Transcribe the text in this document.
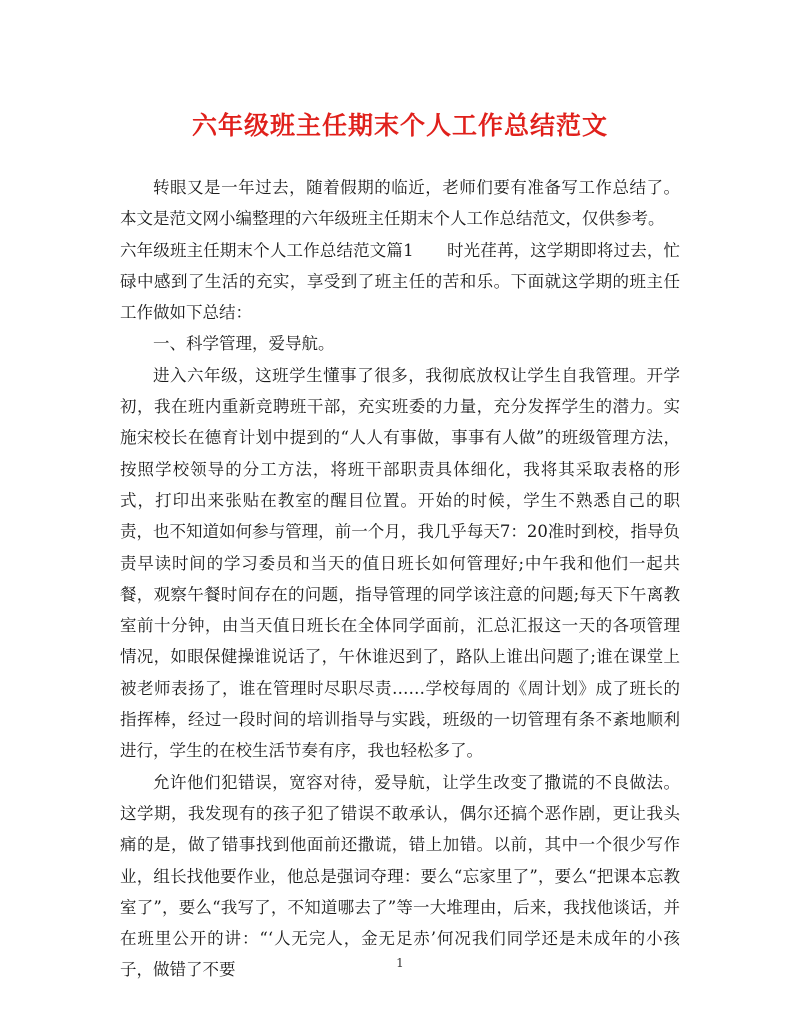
六年级班主任期末个人工作总结范文

转眼又是一年过去，随着假期的临近，老师们要有准备写工作总结了。本文是范文网小编整理的六年级班主任期末个人工作总结范文，仅供参考。

六年级班主任期末个人工作总结范文篇1　　时光荏苒，这学期即将过去，忙碌中感到了生活的充实，享受到了班主任的苦和乐。下面就这学期的班主任工作做如下总结：

一、科学管理，爱导航。

进入六年级，这班学生懂事了很多，我彻底放权让学生自我管理。开学初，我在班内重新竞聘班干部，充实班委的力量，充分发挥学生的潜力。实施宋校长在德育计划中提到的“人人有事做，事事有人做”的班级管理方法，按照学校领导的分工方法，将班干部职责具体细化，我将其采取表格的形式，打印出来张贴在教室的醒目位置。开始的时候，学生不熟悉自己的职责，也不知道如何参与管理，前一个月，我几乎每天7：20准时到校，指导负责早读时间的学习委员和当天的值日班长如何管理好;中午我和他们一起共餐，观察午餐时间存在的问题，指导管理的同学该注意的问题;每天下午离教室前十分钟，由当天值日班长在全体同学面前，汇总汇报这一天的各项管理情况，如眼保健操谁说话了，午休谁迟到了，路队上谁出问题了;谁在课堂上被老师表扬了，谁在管理时尽职尽责……学校每周的《周计划》成了班长的指挥棒，经过一段时间的培训指导与实践，班级的一切管理有条不紊地顺利进行，学生的在校生活节奏有序，我也轻松多了。

允许他们犯错误，宽容对待，爱导航，让学生改变了撒谎的不良做法。这学期，我发现有的孩子犯了错误不敢承认，偶尔还搞个恶作剧，更让我头痛的是，做了错事找到他面前还撒谎，错上加错。以前，其中一个很少写作业，组长找他要作业，他总是强词夺理：要么“忘家里了”，要么“把课本忘教室了”，要么“我写了，不知道哪去了”等一大堆理由，后来，我找他谈话，并在班里公开的讲：“‘人无完人，金无足赤’何况我们同学还是未成年的小孩子，做错了不要	1
